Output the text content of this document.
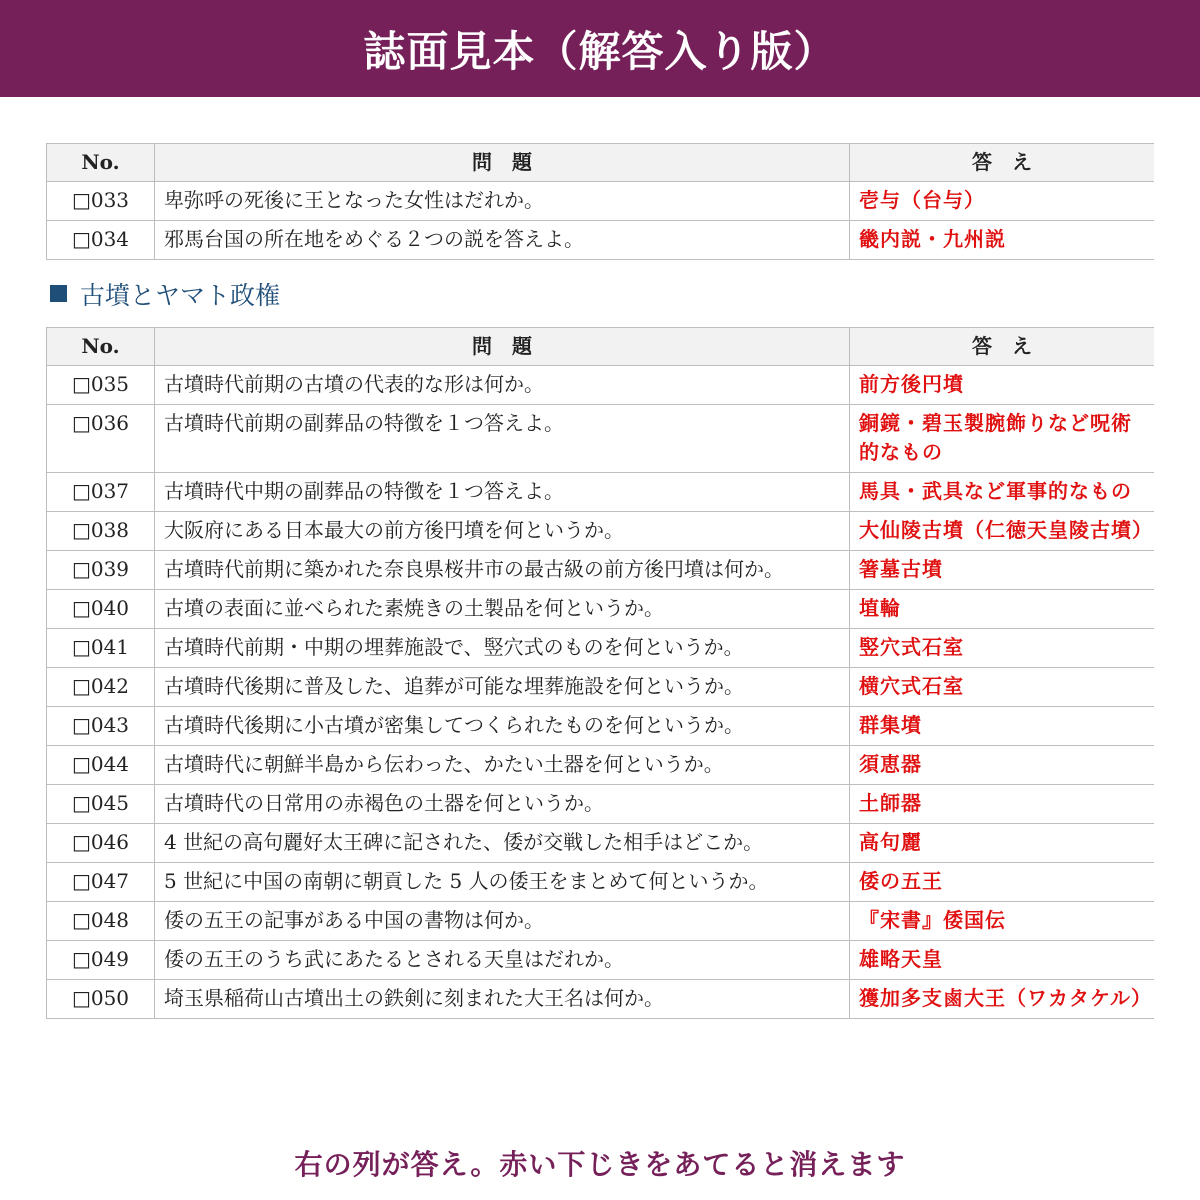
誌面見本（解答入り版）
No.	問　題	答　え
□033	卑弥呼の死後に王となった女性はだれか。	壱与（台与）
□034	邪馬台国の所在地をめぐる２つの説を答えよ。	畿内説・九州説
古墳とヤマト政権
No.	問　題	答　え
□035	古墳時代前期の古墳の代表的な形は何か。	前方後円墳
□036	古墳時代前期の副葬品の特徴を１つ答えよ。	銅鏡・碧玉製腕飾りなど呪術的なもの
□037	古墳時代中期の副葬品の特徴を１つ答えよ。	馬具・武具など軍事的なもの
□038	大阪府にある日本最大の前方後円墳を何というか。	大仙陵古墳（仁徳天皇陵古墳）
□039	古墳時代前期に築かれた奈良県桜井市の最古級の前方後円墳は何か。	箸墓古墳
□040	古墳の表面に並べられた素焼きの土製品を何というか。	埴輪
□041	古墳時代前期・中期の埋葬施設で、竪穴式のものを何というか。	竪穴式石室
□042	古墳時代後期に普及した、追葬が可能な埋葬施設を何というか。	横穴式石室
□043	古墳時代後期に小古墳が密集してつくられたものを何というか。	群集墳
□044	古墳時代に朝鮮半島から伝わった、かたい土器を何というか。	須恵器
□045	古墳時代の日常用の赤褐色の土器を何というか。	土師器
□046	4 世紀の高句麗好太王碑に記された、倭が交戦した相手はどこか。	高句麗
□047	5 世紀に中国の南朝に朝貢した 5 人の倭王をまとめて何というか。	倭の五王
□048	倭の五王の記事がある中国の書物は何か。	『宋書』倭国伝
□049	倭の五王のうち武にあたるとされる天皇はだれか。	雄略天皇
□050	埼玉県稲荷山古墳出土の鉄剣に刻まれた大王名は何か。	獲加多支鹵大王（ワカタケル）
右の列が答え。赤い下じきをあてると消えます
